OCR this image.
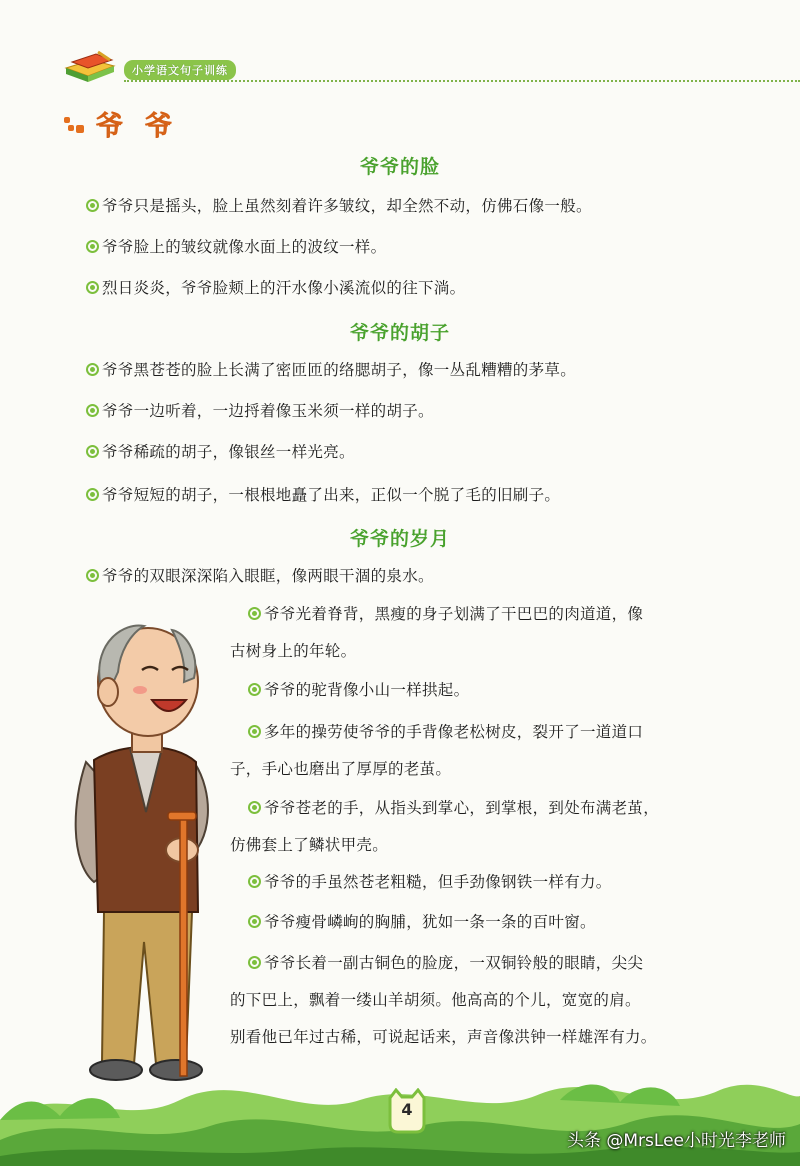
小学语文句子训练
爷爷
爷爷的脸
爷爷只是摇头，脸上虽然刻着许多皱纹，却全然不动，仿佛石像一般。
爷爷脸上的皱纹就像水面上的波纹一样。
烈日炎炎，爷爷脸颊上的汗水像小溪流似的往下淌。
爷爷的胡子
爷爷黑苍苍的脸上长满了密匝匝的络腮胡子，像一丛乱糟糟的茅草。
爷爷一边听着，一边捋着像玉米须一样的胡子。
爷爷稀疏的胡子，像银丝一样光亮。
爷爷短短的胡子，一根根地矗了出来，正似一个脱了毛的旧刷子。
爷爷的岁月
爷爷的双眼深深陷入眼眶，像两眼干涸的泉水。
爷爷光着脊背，黑瘦的身子划满了干巴巴的肉道道，像
古树身上的年轮。
爷爷的驼背像小山一样拱起。
多年的操劳使爷爷的手背像老松树皮，裂开了一道道口
子，手心也磨出了厚厚的老茧。
爷爷苍老的手，从指头到掌心，到掌根，到处布满老茧，
仿佛套上了鳞状甲壳。
爷爷的手虽然苍老粗糙，但手劲像钢铁一样有力。
爷爷瘦骨嶙峋的胸脯，犹如一条一条的百叶窗。
爷爷长着一副古铜色的脸庞，一双铜铃般的眼睛，尖尖
的下巴上，飘着一缕山羊胡须。他高高的个儿，宽宽的肩。
别看他已年过古稀，可说起话来，声音像洪钟一样雄浑有力。
4
头条 @MrsLee小时光李老师
